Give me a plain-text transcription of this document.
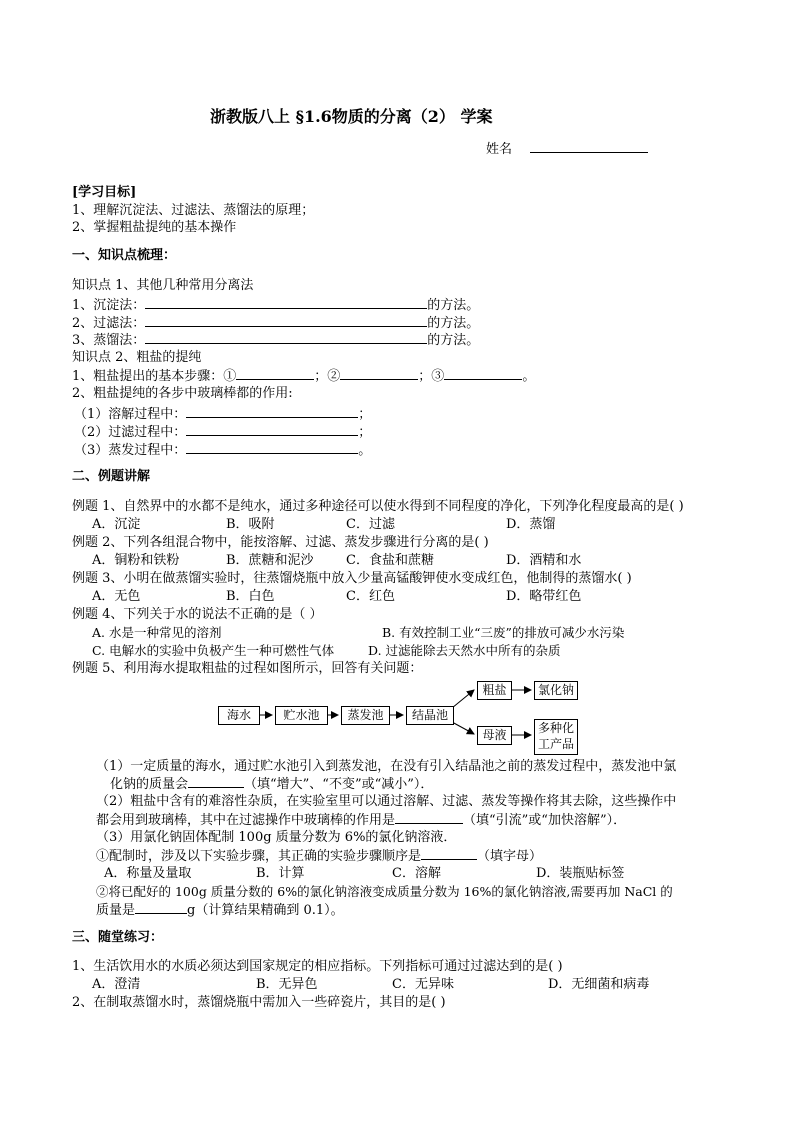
浙教版八上 §1.6物质的分离（2） 学案
姓名
[学习目标]
1、理解沉淀法、过滤法、蒸馏法的原理；
2、掌握粗盐提纯的基本操作
一、知识点梳理：
知识点 1、其他几种常用分离法
1、沉淀法：	的方法。
2、过滤法：	的方法。
3、蒸馏法：	的方法。
知识点 2、粗盐的提纯
1、粗盐提出的基本步骤：①	；②	；③	。
2、粗盐提纯的各步中玻璃棒都的作用:
（1）溶解过程中：	；
（2）过滤过程中：	；
（3）蒸发过程中：	。
二、例题讲解
例题 1、自然界中的水都不是纯水，通过多种途径可以使水得到不同程度的净化，下列净化程度最高的是( )
A．沉淀	B．吸附	C．过滤	D．蒸馏
例题 2、下列各组混合物中，能按溶解、过滤、蒸发步骤进行分离的是( )
A．铜粉和铁粉	B．蔗糖和泥沙 C．食盐和蔗糖	D．酒精和水
例题 3、小明在做蒸馏实验时，往蒸馏烧瓶中放入少量高锰酸钾使水变成红色，他制得的蒸馏水( )
A．无色	B．白色	C．红色	D．略带红色
例题 4、下列关于水的说法不正确的是（ ）
A. 水是一种常见的溶剂	B. 有效控制工业“三废”的排放可减少水污染
C. 电解水的实验中负极产生一种可燃性气体	D. 过滤能除去天然水中所有的杂质
例题 5、利用海水提取粗盐的过程如图所示，回答有关问题：
海水	贮水池	蒸发池	结晶池
粗盐	氯化钠
母液	多种化
工产品
（1）一定质量的海水，通过贮水池引入到蒸发池，在没有引入结晶池之前的蒸发过程中，蒸发池中氯
化钠的质量会	（填“增大”、“不变”或“减小”）．
（2）粗盐中含有的难溶性杂质，在实验室里可以通过溶解、过滤、蒸发等操作将其去除，这些操作中
都会用到玻璃棒，其中在过滤操作中玻璃棒的作用是	（填“引流”或“加快溶解”）．
（3）用氯化钠固体配制 100g 质量分数为 6%的氯化钠溶液．
①配制时，涉及以下实验步骤，其正确的实验步骤顺序是	（填字母）
A．称量及量取	B．计算	C．溶解	D．装瓶贴标签
②将已配好的 100g 质量分数的 6%的氯化钠溶液变成质量分数为 16%的氯化钠溶液,需要再加 NaCl 的
质量是	g（计算结果精确到 0.1）。
三、随堂练习：
1、生活饮用水的水质必须达到国家规定的相应指标。下列指标可通过过滤达到的是( )
A．澄清	B．无异色	C．无异味	D．无细菌和病毒
2、在制取蒸馏水时，蒸馏烧瓶中需加入一些碎瓷片，其目的是( )
